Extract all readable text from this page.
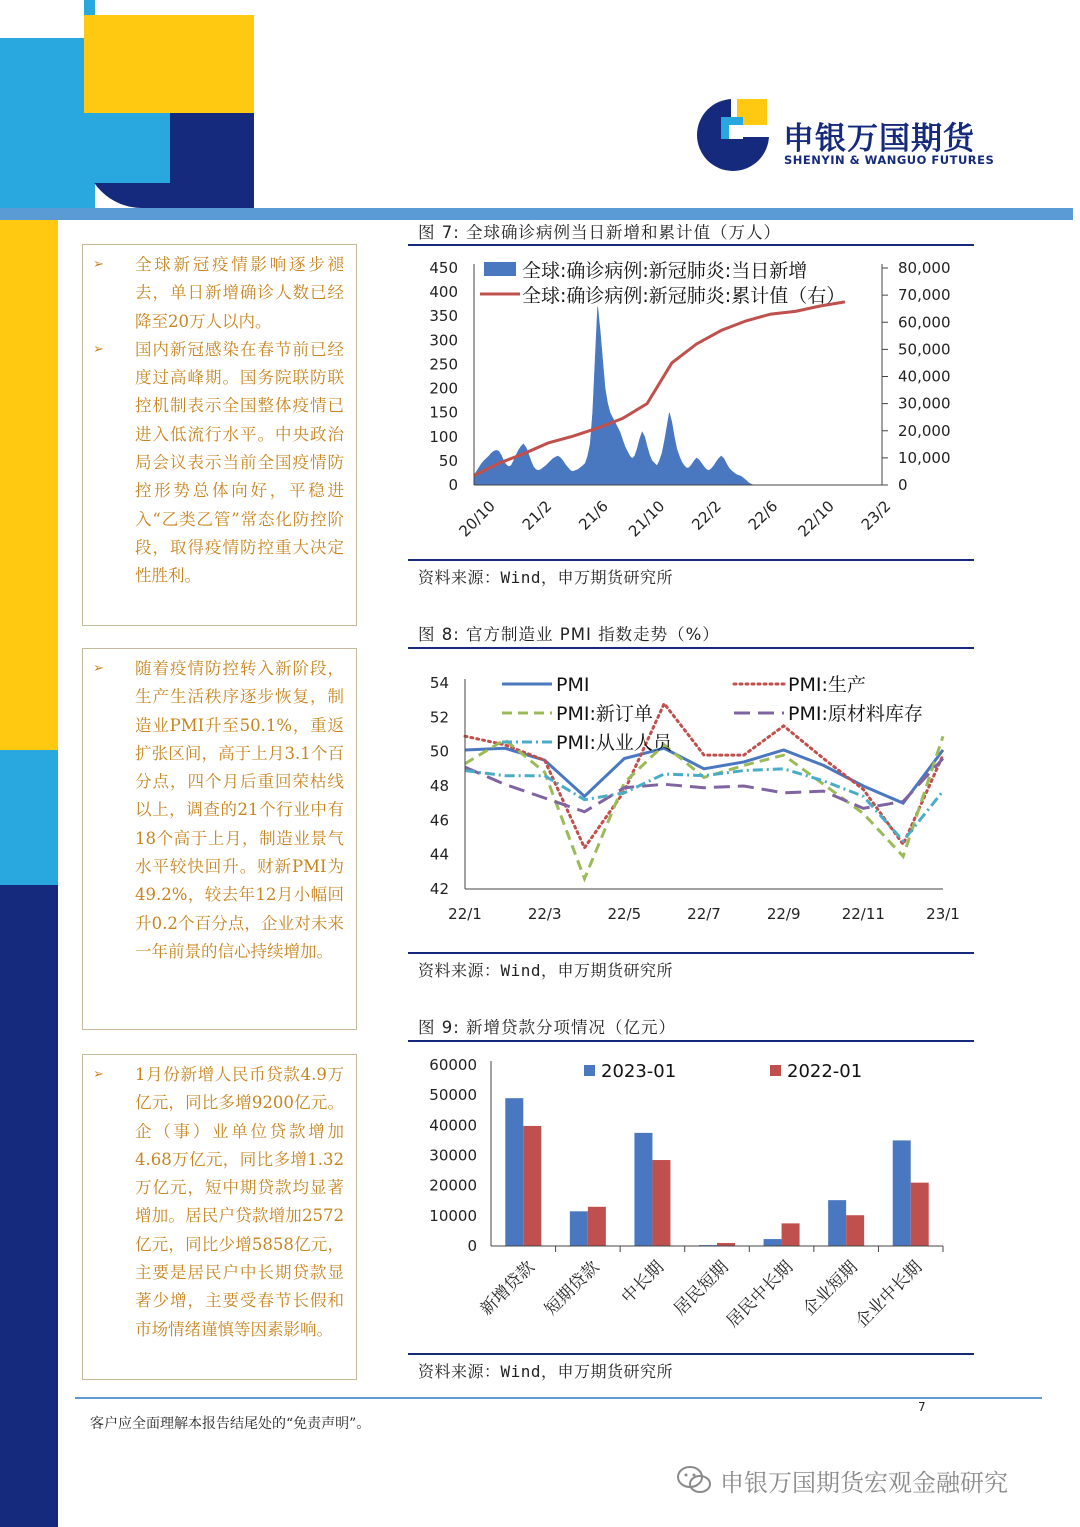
申银万国期货
SHENYIN & WANGUO FUTURES
➢	全球新冠疫情影响逐步褪去，单日新增确诊人数已经降至20万人以内。
➢	国内新冠感染在春节前已经度过高峰期。国务院联防联控机制表示全国整体疫情已进入低流行水平。中央政治局会议表示当前全国疫情防控形势总体向好，平稳进入“乙类乙管”常态化防控阶段，取得疫情防控重大决定性胜利。
➢	随着疫情防控转入新阶段，生产生活秩序逐步恢复，制造业PMI升至50.1%，重返扩张区间，高于上月3.1个百分点，四个月后重回荣枯线以上，调查的21个行业中有18个高于上月，制造业景气水平较快回升。财新PMI为49.2%，较去年12月小幅回升0.2个百分点，企业对未来一年前景的信心持续增加。
➢	1月份新增人民币贷款4.9万亿元，同比多增9200亿元。企（事）业单位贷款增加4.68万亿元，同比多增1.32万亿元，短中期贷款均显著增加。居民户贷款增加2572亿元，同比少增5858亿元，主要是居民户中长期贷款显著少增，主要受春节长假和市场情绪谨慎等因素影响。
图 7: 全球确诊病例当日新增和累计值（万人）
450
400
350
300
250
200
150
100
50
0
80,000
70,000
60,000
50,000
40,000
30,000
20,000
10,000
0
20/10 21/2 21/6 21/10 22/2 22/6 22/10 23/2
全球:确诊病例:新冠肺炎:当日新增
全球:确诊病例:新冠肺炎:累计值（右）
资料来源：Wind，申万期货研究所
图 8: 官方制造业 PMI 指数走势（%）
54
52
50
48
46
44
42
22/1	22/3	22/5	22/7	22/9	22/11	23/1
PMI	PMI:生产
PMI:新订单	PMI:原材料库存
PMI:从业人员
资料来源：Wind，申万期货研究所
图 9: 新增贷款分项情况（亿元）
60000
50000
40000
30000
20000
10000
0
新增贷款 短期贷款 中长期 居民短期
居民中长期 企业短期
企业中长期
2023-01	2022-01
资料来源：Wind，申万期货研究所
7
客户应全面理解本报告结尾处的“免责声明”。
申银万国期货宏观金融研究
